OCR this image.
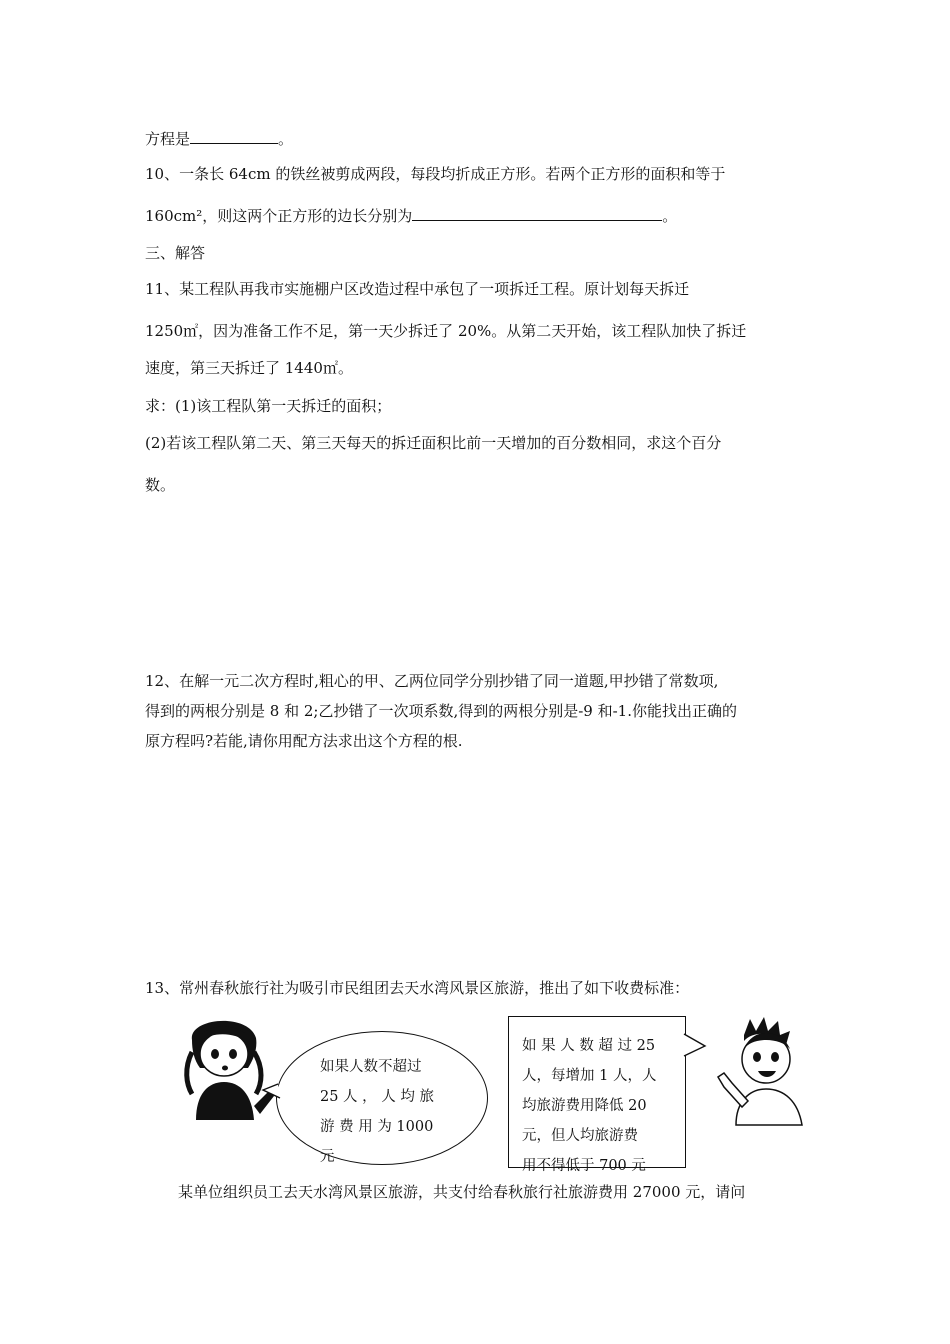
方程是	。
10、一条长 64cm 的铁丝被剪成两段，每段均折成正方形。若两个正方形的面积和等于
160cm²，则这两个正方形的边长分别为	。
三、解答
11、某工程队再我市实施棚户区改造过程中承包了一项拆迁工程。原计划每天拆迁
1250㎡，因为准备工作不足，第一天少拆迁了 20%。从第二天开始，该工程队加快了拆迁
速度，第三天拆迁了 1440㎡。
求：(1)该工程队第一天拆迁的面积；
(2)若该工程队第二天、第三天每天的拆迁面积比前一天增加的百分数相同，求这个百分
数。
12、在解一元二次方程时,粗心的甲、乙两位同学分别抄错了同一道题,甲抄错了常数项,
得到的两根分别是 8 和 2;乙抄错了一次项系数,得到的两根分别是-9 和-1.你能找出正确的
原方程吗?若能,请你用配方法求出这个方程的根.
13、常州春秋旅行社为吸引市民组团去天水湾风景区旅游，推出了如下收费标准：
如果人数不超过
25 人 ， 人 均 旅
游 费 用 为 1000
元
如 果 人 数 超 过 25
人，每增加 1 人，人
均旅游费用降低 20
元，但人均旅游费
用不得低于 700 元
某单位组织员工去天水湾风景区旅游，共支付给春秋旅行社旅游费用 27000 元，请问
